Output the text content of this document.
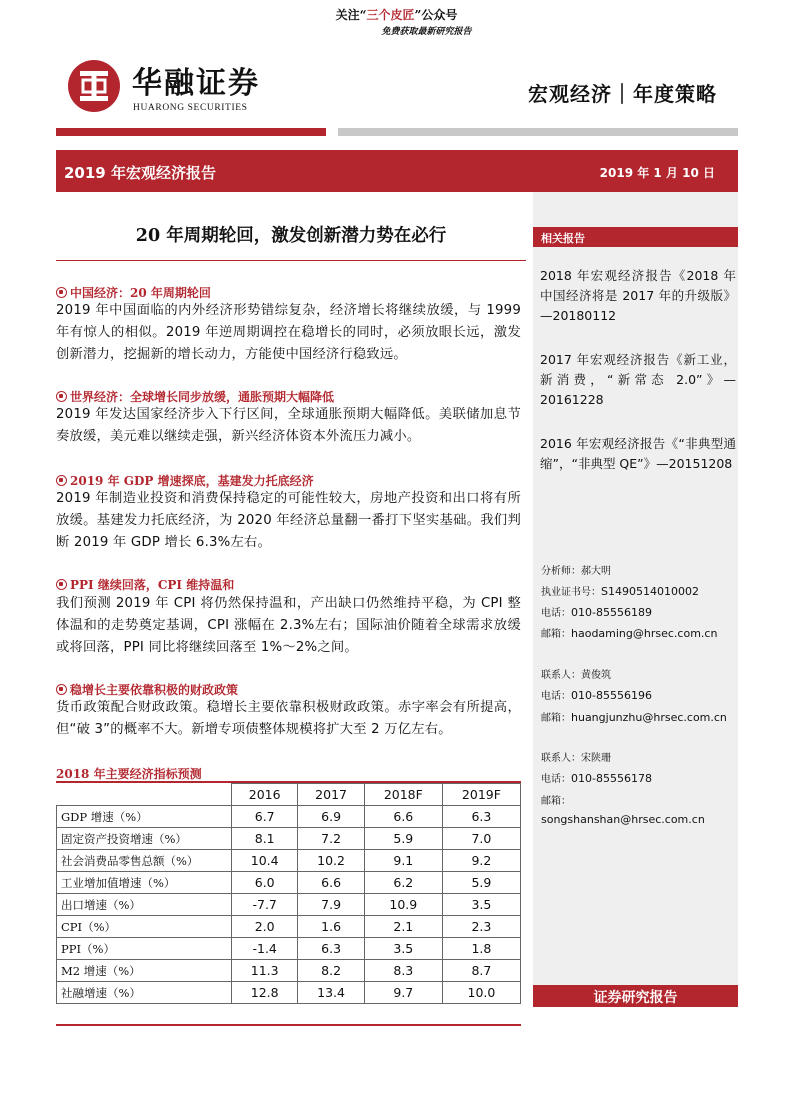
关注“三个皮匠”公众号
免费获取最新研究报告
华融证券
HUARONG SECURITIES
宏观经济｜年度策略
2019 年宏观经济报告	2019 年 1 月 10 日
相关报告
2018 年宏观经济报告《2018 年中国经济将是 2017 年的升级版》—20180112
2017 年宏观经济报告《新工业，新消费，“新常态 2.0”》—20161228
2016 年宏观经济报告《“非典型通缩”，“非典型 QE”》—20151208
分析师：郝大明
执业证书号：S1490514010002
电话：010-85556189
邮箱：haodaming@hrsec.com.cn
联系人：黄俊筑
电话：010-85556196
邮箱：huangjunzhu@hrsec.com.cn
联系人：宋陕珊
电话：010-85556178
邮箱：
songshanshan@hrsec.com.cn
证券研究报告
20 年周期轮回，激发创新潜力势在必行
中国经济：20 年周期轮回
2019 年中国面临的内外经济形势错综复杂，经济增长将继续放缓，与 1999 年有惊人的相似。2019 年逆周期调控在稳增长的同时，必须放眼长远，激发创新潜力，挖掘新的增长动力，方能使中国经济行稳致远。
世界经济：全球增长同步放缓，通胀预期大幅降低
2019 年发达国家经济步入下行区间，全球通胀预期大幅降低。美联储加息节奏放缓，美元难以继续走强，新兴经济体资本外流压力减小。
2019 年 GDP 增速探底，基建发力托底经济
2019 年制造业投资和消费保持稳定的可能性较大，房地产投资和出口将有所放缓。基建发力托底经济，为 2020 年经济总量翻一番打下坚实基础。我们判断 2019 年 GDP 增长 6.3%左右。
PPI 继续回落，CPI 维持温和
我们预测 2019 年 CPI 将仍然保持温和，产出缺口仍然维持平稳，为 CPI 整体温和的走势奠定基调，CPI 涨幅在 2.3%左右；国际油价随着全球需求放缓或将回落，PPI 同比将继续回落至 1%～2%之间。
稳增长主要依靠积极的财政政策
货币政策配合财政政策。稳增长主要依靠积极财政政策。赤字率会有所提高，但“破 3”的概率不大。新增专项债整体规模将扩大至 2 万亿左右。
2018 年主要经济指标预测
	2016	2017	2018F	2019F
GDP 增速（%）	6.7	6.9	6.6	6.3
固定资产投资增速（%）	8.1	7.2	5.9	7.0
社会消费品零售总额（%）	10.4	10.2	9.1	9.2
工业增加值增速（%）	6.0	6.6	6.2	5.9
出口增速（%）	-7.7	7.9	10.9	3.5
CPI（%）	2.0	1.6	2.1	2.3
PPI（%）	-1.4	6.3	3.5	1.8
M2 增速（%）	11.3	8.2	8.3	8.7
社融增速（%）	12.8	13.4	9.7	10.0
